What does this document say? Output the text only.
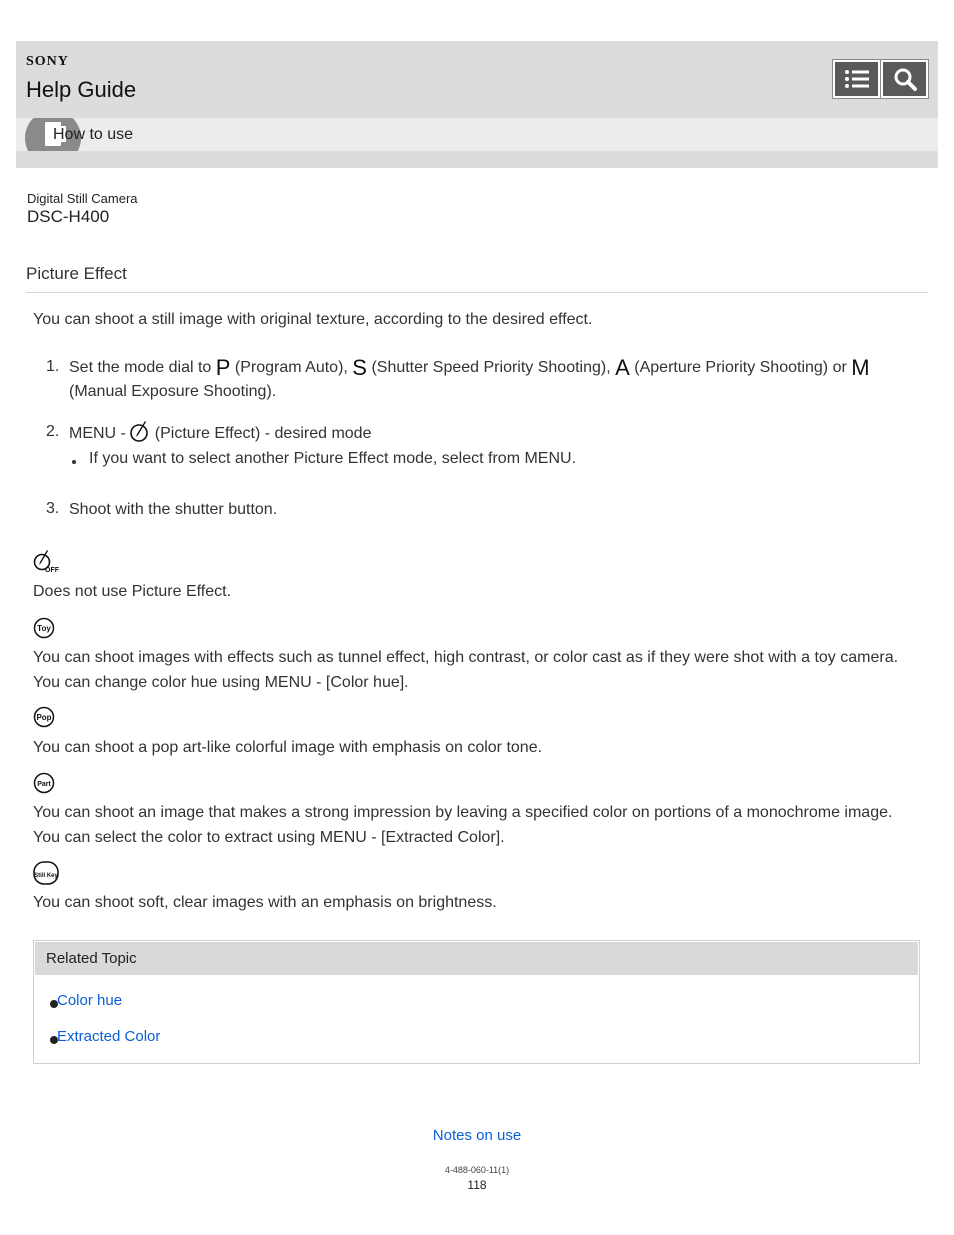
SONY
Help Guide
How to use
Digital Still Camera
DSC-H400
Picture Effect
You can shoot a still image with original texture, according to the desired effect.
1. Set the mode dial to P (Program Auto), S (Shutter Speed Priority Shooting), A (Aperture Priority Shooting) or M
(Manual Exposure Shooting).
2. MENU - (Picture Effect) - desired mode
If you want to select another Picture Effect mode, select from MENU.
3. Shoot with the shutter button.
OFF
Does not use Picture Effect.
Toy
You can shoot images with effects such as tunnel effect, high contrast, or color cast as if they were shot with a toy camera. You can change color hue using MENU - [Color hue].
Pop
You can shoot a pop art-like colorful image with emphasis on color tone.
Part
You can shoot an image that makes a strong impression by leaving a specified color on portions of a monochrome image. You can select the color to extract using MENU - [Extracted Color].
Still Key
You can shoot soft, clear images with an emphasis on brightness.
Related Topic
Color hue
Extracted Color
Notes on use
4-488-060-11(1)
118
